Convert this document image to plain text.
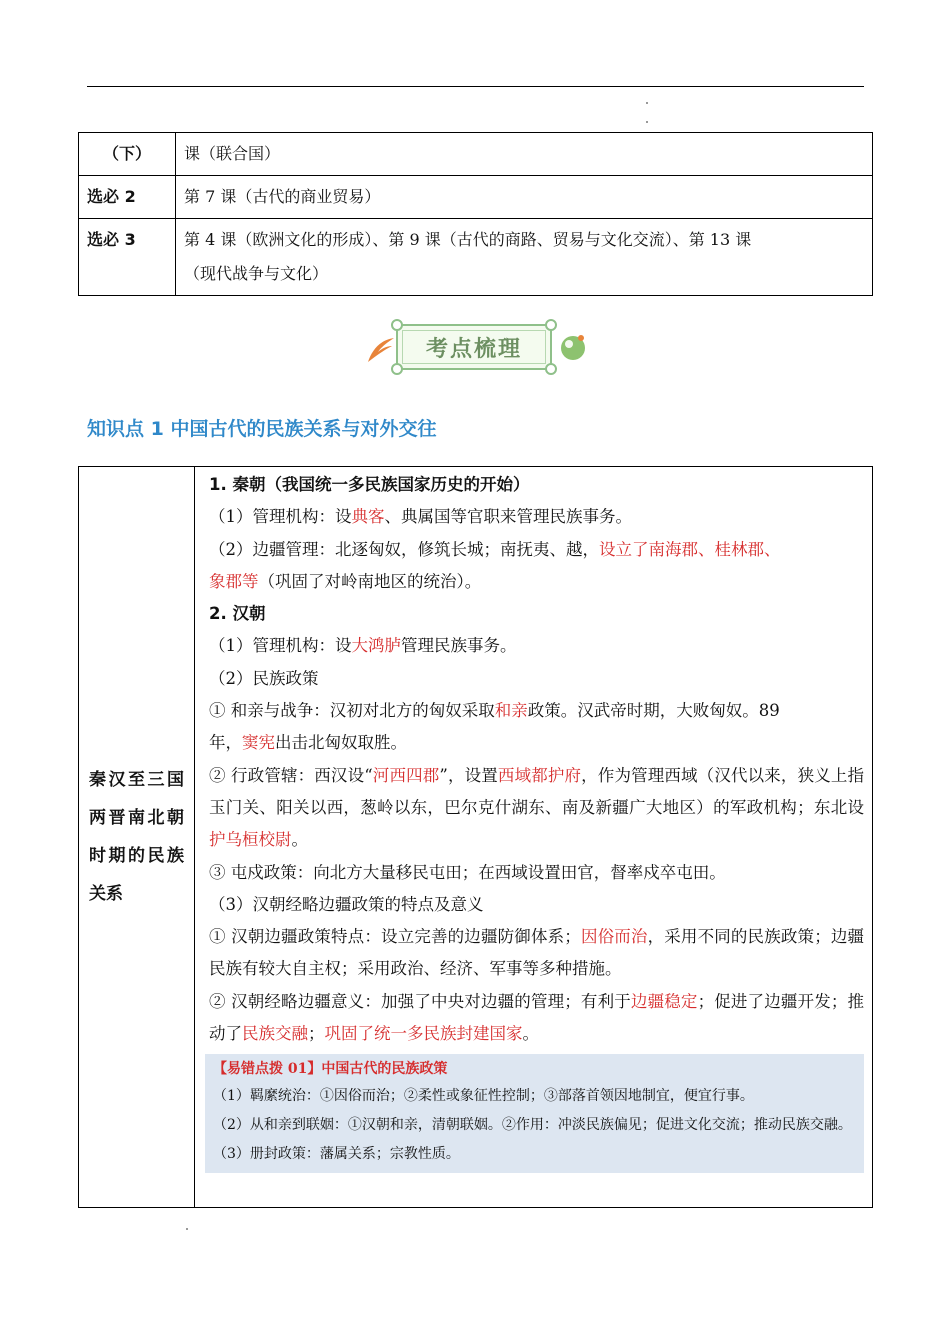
（下）	课（联合国）
选必 2	第 7 课（古代的商业贸易）
选必 3	第 4 课（欧洲文化的形成）、第 9 课（古代的商路、贸易与文化交流）、第 13 课
（现代战争与文化）
考点梳理
知识点 1 中国古代的民族关系与对外交往
秦汉至三国两晋南北朝时期的民族关系	
1. 秦朝（我国统一多民族国家历史的开始）
（1）管理机构：设典客、典属国等官职来管理民族事务。
（2）边疆管理：北逐匈奴，修筑长城；南抚夷、越，设立了南海郡、桂林郡、
象郡等（巩固了对岭南地区的统治）。
2. 汉朝
（1）管理机构：设大鸿胪管理民族事务。
（2）民族政策
① 和亲与战争：汉初对北方的匈奴采取和亲政策。汉武帝时期，大败匈奴。89
年，窦宪出击北匈奴取胜。
② 行政管辖：西汉设“河西四郡”，设置西域都护府，作为管理西域（汉代以来，狭义上指玉门关、阳关以西，葱岭以东，巴尔克什湖东、南及新疆广大地区）的军政机构；东北设护乌桓校尉。
③ 屯戍政策：向北方大量移民屯田；在西域设置田官，督率戍卒屯田。
（3）汉朝经略边疆政策的特点及意义
① 汉朝边疆政策特点：设立完善的边疆防御体系；因俗而治，采用不同的民族政策；边疆民族有较大自主权；采用政治、经济、军事等多种措施。
② 汉朝经略边疆意义：加强了中央对边疆的管理；有利于边疆稳定；促进了边疆开发；推动了民族交融；巩固了统一多民族封建国家。
【易错点拨 01】中国古代的民族政策
（1）羁縻统治：①因俗而治；②柔性或象征性控制；③部落首领因地制宜，便宜行事。
（2）从和亲到联姻：①汉朝和亲，清朝联姻。②作用：冲淡民族偏见；促进文化交流；推动民族交融。
（3）册封政策：藩属关系；宗教性质。
